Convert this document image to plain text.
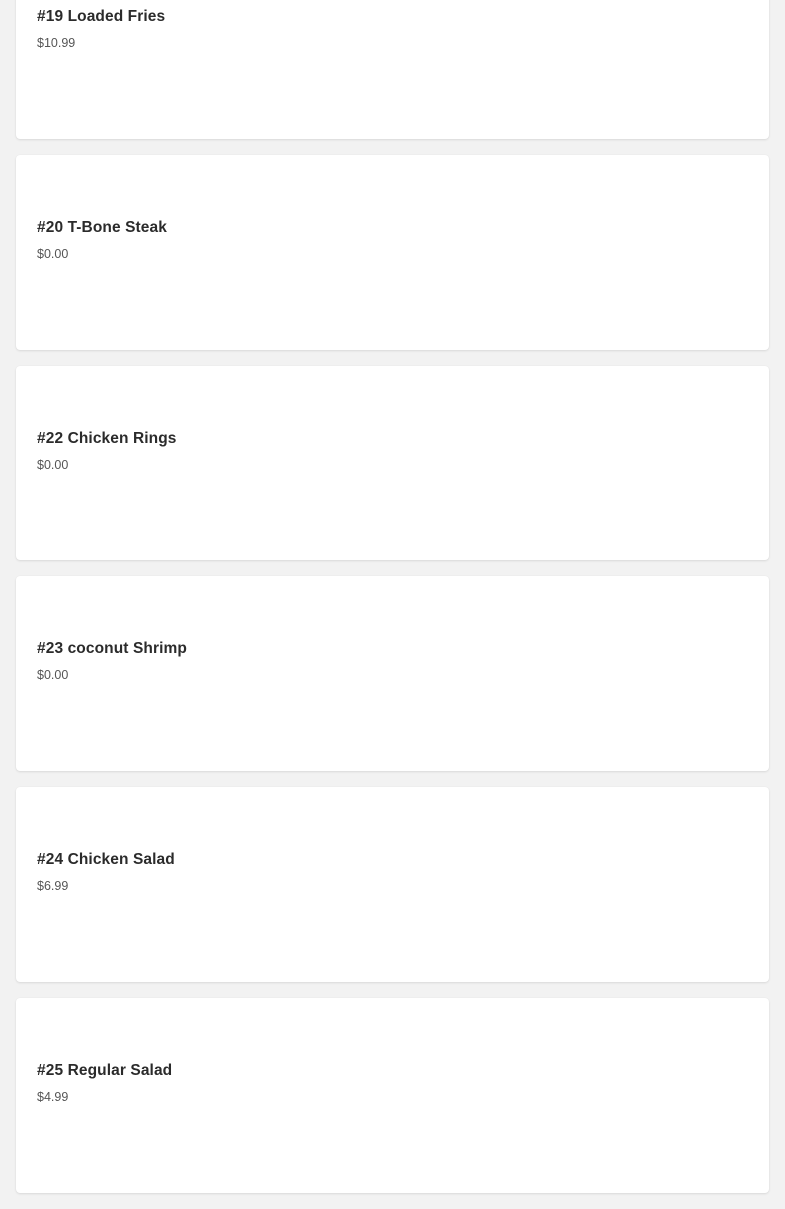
#19 Loaded Fries
$10.99
#20 T-Bone Steak
$0.00
#22 Chicken Rings
$0.00
#23 coconut Shrimp
$0.00
#24 Chicken Salad
$6.99
#25 Regular Salad
$4.99
